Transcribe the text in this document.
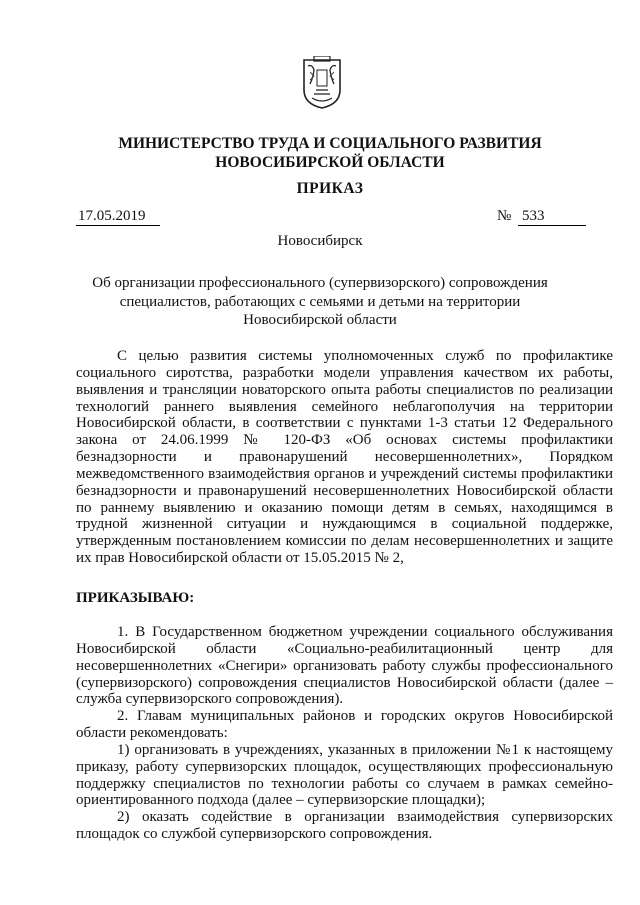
МИНИСТЕРСТВО ТРУДА И СОЦИАЛЬНОГО РАЗВИТИЯ
НОВОСИБИРСКОЙ ОБЛАСТИ
ПРИКАЗ
17.05.2019	№ 533
Новосибирск
Об организации профессионального (супервизорского) сопровождения специалистов, работающих с семьями и детьми на территории Новосибирской области

С целью развития системы уполномоченных служб по профилактике социального сиротства, разработки модели управления качеством их работы, выявления и трансляции новаторского опыта работы специалистов по реализации технологий раннего выявления семейного неблагополучия на территории Новосибирской области, в соответствии с пунктами 1-3 статьи 12 Федерального закона от 24.06.1999 № 120-ФЗ «Об основах системы профилактики безнадзорности и правонарушений несовершеннолетних», Порядком межведомственного взаимодействия органов и учреждений системы профилактики безнадзорности и правонарушений несовершеннолетних Новосибирской области по раннему выявлению и оказанию помощи детям в семьях, находящимся в трудной жизненной ситуации и нуждающимся в социальной поддержке, утвержденным постановлением комиссии по делам несовершеннолетних и защите их прав Новосибирской области от 15.05.2015 № 2,

ПРИКАЗЫВАЮ:

1. В Государственном бюджетном учреждении социального обслуживания Новосибирской области «Социально-реабилитационный центр для несовершеннолетних «Снегири» организовать работу службы профессионального (супервизорского) сопровождения специалистов Новосибирской области (далее – служба супервизорского сопровождения).

2. Главам муниципальных районов и городских округов Новосибирской области рекомендовать:

1) организовать в учреждениях, указанных в приложении №1 к настоящему приказу, работу супервизорских площадок, осуществляющих профессиональную поддержку специалистов по технологии работы со случаем в рамках семейно-ориентированного подхода (далее – супервизорские площадки);

2) оказать содействие в организации взаимодействия супервизорских площадок со службой супервизорского сопровождения.
